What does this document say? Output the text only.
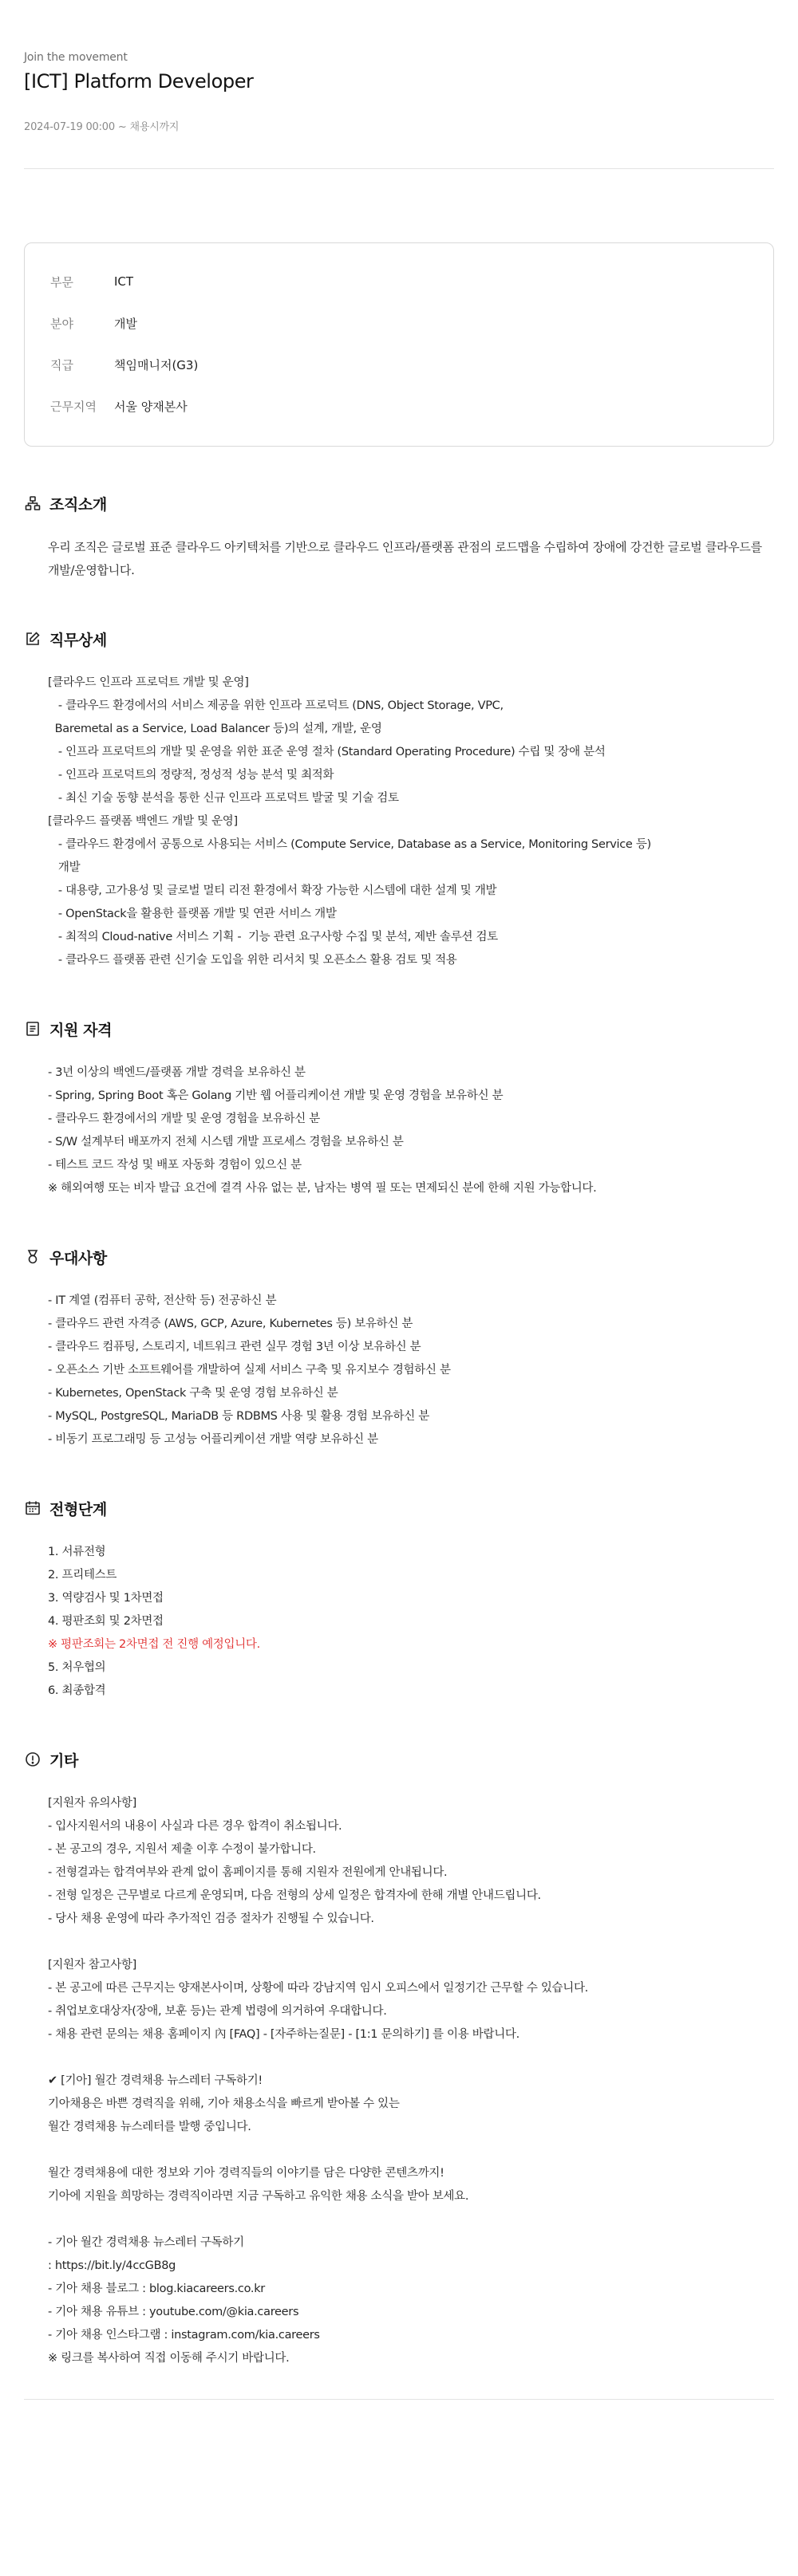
Join the movement
[ICT] Platform Developer
2024-07-19 00:00 ~ 채용시까지
부문	ICT
분야	개발
직급	책임매니저(G3)
근무지역	서울 양재본사
조직소개
우리 조직은 글로벌 표준 클라우드 아키텍처를 기반으로 클라우드 인프라/플랫폼 관점의 로드맵을 수립하여 장애에 강건한 글로벌 클라우드를 개발/운영합니다.
직무상세
[클라우드 인프라 프로덕트 개발 및 운영]
- 클라우드 환경에서의 서비스 제공을 위한 인프라 프로덕트 (DNS, Object Storage, VPC,
Baremetal as a Service, Load Balancer 등)의 설계, 개발, 운영
- 인프라 프로덕트의 개발 및 운영을 위한 표준 운영 절차 (Standard Operating Procedure) 수립 및 장애 분석
- 인프라 프로덕트의 정량적, 정성적 성능 분석 및 최적화
- 최신 기술 동향 분석을 통한 신규 인프라 프로덕트 발굴 및 기술 검토
[클라우드 플랫폼 백엔드 개발 및 운영]
- 클라우드 환경에서 공통으로 사용되는 서비스 (Compute Service, Database as a Service, Monitoring Service 등)
개발
- 대용량, 고가용성 및 글로벌 멀티 리전 환경에서 확장 가능한 시스템에 대한 설계 및 개발
- OpenStack을 활용한 플랫폼 개발 및 연관 서비스 개발
- 최적의 Cloud-native 서비스 기획 -  기능 관련 요구사항 수집 및 분석, 제반 솔루션 검토
- 클라우드 플랫폼 관련 신기술 도입을 위한 리서치 및 오픈소스 활용 검토 및 적용
지원 자격
- 3년 이상의 백엔드/플랫폼 개발 경력을 보유하신 분
- Spring, Spring Boot 혹은 Golang 기반 웹 어플리케이션 개발 및 운영 경험을 보유하신 분
- 클라우드 환경에서의 개발 및 운영 경험을 보유하신 분
- S/W 설계부터 배포까지 전체 시스템 개발 프로세스 경험을 보유하신 분
- 테스트 코드 작성 및 배포 자동화 경험이 있으신 분
※ 해외여행 또는 비자 발급 요건에 결격 사유 없는 분, 남자는 병역 필 또는 면제되신 분에 한해 지원 가능합니다.
우대사항
- IT 계열 (컴퓨터 공학, 전산학 등) 전공하신 분
- 클라우드 관련 자격증 (AWS, GCP, Azure, Kubernetes 등) 보유하신 분
- 클라우드 컴퓨팅, 스토리지, 네트워크 관련 실무 경험 3년 이상 보유하신 분
- 오픈소스 기반 소프트웨어를 개발하여 실제 서비스 구축 및 유지보수 경험하신 분
- Kubernetes, OpenStack 구축 및 운영 경험 보유하신 분
- MySQL, PostgreSQL, MariaDB 등 RDBMS 사용 및 활용 경험 보유하신 분
- 비동기 프로그래밍 등 고성능 어플리케이션 개발 역량 보유하신 분
전형단계
1. 서류전형
2. 프리테스트
3. 역량검사 및 1차면접
4. 평판조회 및 2차면접
※ 평판조회는 2차면접 전 진행 예정입니다.
5. 처우협의
6. 최종합격
기타
[지원자 유의사항]
- 입사지원서의 내용이 사실과 다른 경우 합격이 취소됩니다.
- 본 공고의 경우, 지원서 제출 이후 수정이 불가합니다.
- 전형결과는 합격여부와 관계 없이 홈페이지를 통해 지원자 전원에게 안내됩니다.
- 전형 일정은 근무별로 다르게 운영되며, 다음 전형의 상세 일정은 합격자에 한해 개별 안내드립니다.
- 당사 채용 운영에 따라 추가적인 검증 절차가 진행될 수 있습니다.
[지원자 참고사항]
- 본 공고에 따른 근무지는 양재본사이며, 상황에 따라 강남지역 임시 오피스에서 일정기간 근무할 수 있습니다.
- 취업보호대상자(장애, 보훈 등)는 관계 법령에 의거하여 우대합니다.
- 채용 관련 문의는 채용 홈페이지 內 [FAQ] - [자주하는질문] - [1:1 문의하기] 를 이용 바랍니다.
✔ [기아] 월간 경력채용 뉴스레터 구독하기!
기아채용은 바쁜 경력직을 위해, 기아 채용소식을 빠르게 받아볼 수 있는
월간 경력채용 뉴스레터를 발행 중입니다.
월간 경력채용에 대한 정보와 기아 경력직들의 이야기를 담은 다양한 콘텐츠까지!
기아에 지원을 희망하는 경력직이라면 지금 구독하고 유익한 채용 소식을 받아 보세요.
- 기아 월간 경력채용 뉴스레터 구독하기
: https://bit.ly/4ccGB8g
- 기아 채용 블로그 : blog.kiacareers.co.kr
- 기아 채용 유튜브 : youtube.com/@kia.careers
- 기아 채용 인스타그램 : instagram.com/kia.careers
※ 링크를 복사하여 직접 이동해 주시기 바랍니다.
